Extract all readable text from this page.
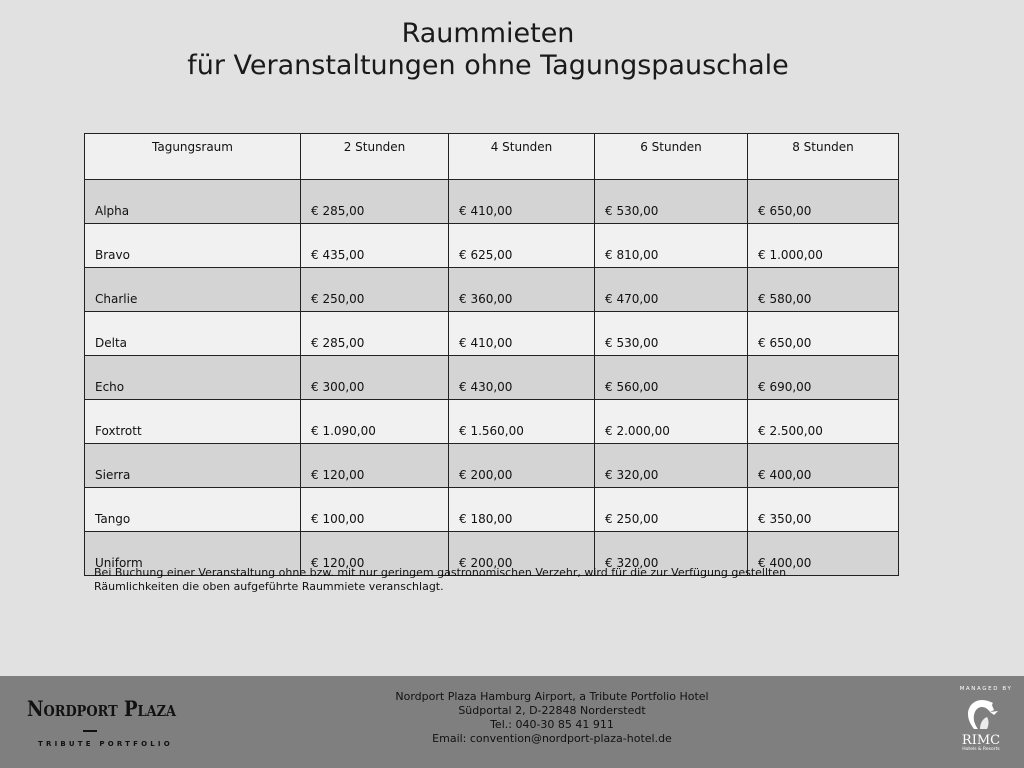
Raummieten
für Veranstaltungen ohne Tagungspauschale
Tagungsraum	2 Stunden	4 Stunden	6 Stunden	8 Stunden
Alpha	€ 285,00	€ 410,00	€ 530,00	€ 650,00
Bravo	€ 435,00	€ 625,00	€ 810,00	€ 1.000,00
Charlie	€ 250,00	€ 360,00	€ 470,00	€ 580,00
Delta	€ 285,00	€ 410,00	€ 530,00	€ 650,00
Echo	€ 300,00	€ 430,00	€ 560,00	€ 690,00
Foxtrott	€ 1.090,00	€ 1.560,00	€ 2.000,00	€ 2.500,00
Sierra	€ 120,00	€ 200,00	€ 320,00	€ 400,00
Tango	€ 100,00	€ 180,00	€ 250,00	€ 350,00
Uniform	€ 120,00	€ 200,00	€ 320,00	€ 400,00
Bei Buchung einer Veranstaltung ohne bzw. mit nur geringem gastronomischen Verzehr, wird für die zur Verfügung gestellten
Räumlichkeiten die oben aufgeführte Raummiete veranschlagt.
Nordport Plaza
TRIBUTE PORTFOLIO
Nordport Plaza Hamburg Airport, a Tribute Portfolio Hotel
Südportal 2, D-22848 Norderstedt
Tel.: 040-30 85 41 911
Email: convention@nordport-plaza-hotel.de
MANAGED BY
RIMC
Hotels & Resorts
